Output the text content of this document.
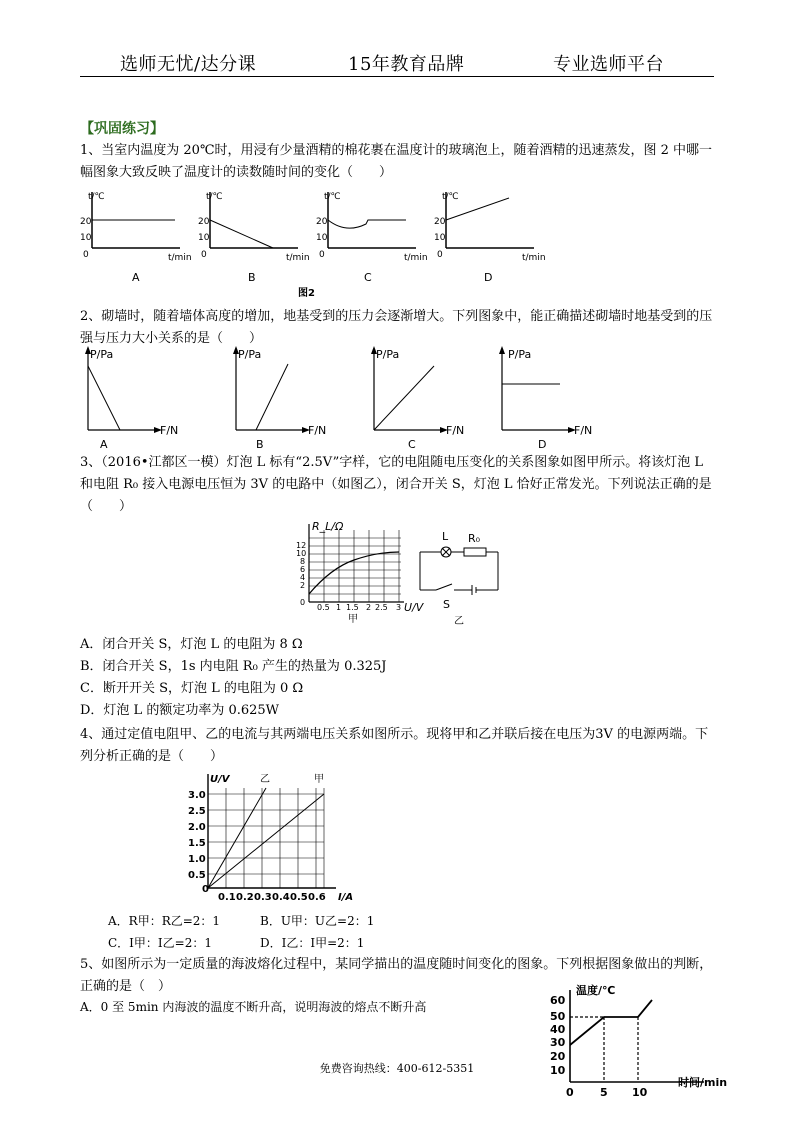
选师无忧/达分课	15年教育品牌	专业选师平台
【巩固练习】
1、当室内温度为 20℃时，用浸有少量酒精的棉花裹在温度计的玻璃泡上，随着酒精的迅速蒸发，图 2 中哪一幅图象大致反映了温度计的读数随时间的变化（　　）
t/℃
20
10
0	t/min
A
t/℃
20
10
0	t/min
B
t/℃
20
10
0	t/min
C
t/℃
20
10
0	t/min
D
图2
2、砌墙时，随着墙体高度的增加，地基受到的压力会逐渐增大。下列图象中，能正确描述砌墙时地基受到的压强与压力大小关系的是（　　）
P/Pa
F/N
A
P/Pa
F/N
B
P/Pa
F/N
C
P/Pa
F/N
D
3、（2016•江都区一模）灯泡 L 标有“2.5V”字样，它的电阻随电压变化的关系图象如图甲所示。将该灯泡 L 和电阻 R₀ 接入电源电压恒为 3V 的电路中（如图乙），闭合开关 S，灯泡 L 恰好正常发光。下列说法正确的是（　　）
R_L/Ω
12
10
8
6
4
2
0
0.5 1 1.5 2 2.5 3 U/V
甲
L R₀
S
乙
A．闭合开关 S，灯泡 L 的电阻为 8 Ω
B．闭合开关 S，1s 内电阻 R₀ 产生的热量为 0.325J
C．断开开关 S，灯泡 L 的电阻为 0 Ω
D．灯泡 L 的额定功率为 0.625W
4、通过定值电阻甲、乙的电流与其两端电压关系如图所示。现将甲和乙并联后接在电压为3V 的电源两端。下列分析正确的是（　　）
U/V	乙	甲
3.0
2.5
2.0
1.5
1.0
0.5
0
0.1 0.2 0.3 0.4 0.5 0.6 I/A
A．R甲：R乙=2：1	B．U甲：U乙=2：1
C．I甲：I乙=2：1	D．I乙：I甲=2：1
5、如图所示为一定质量的海波熔化过程中，某同学描出的温度随时间变化的图象。下列根据图象做出的判断，正确的是（　）
A．0 至 5min 内海波的温度不断升高，说明海波的熔点不断升高
温度/℃
60
50
40
30
20
10
0 5 10
时间/min
免费咨询热线：400-612-5351
